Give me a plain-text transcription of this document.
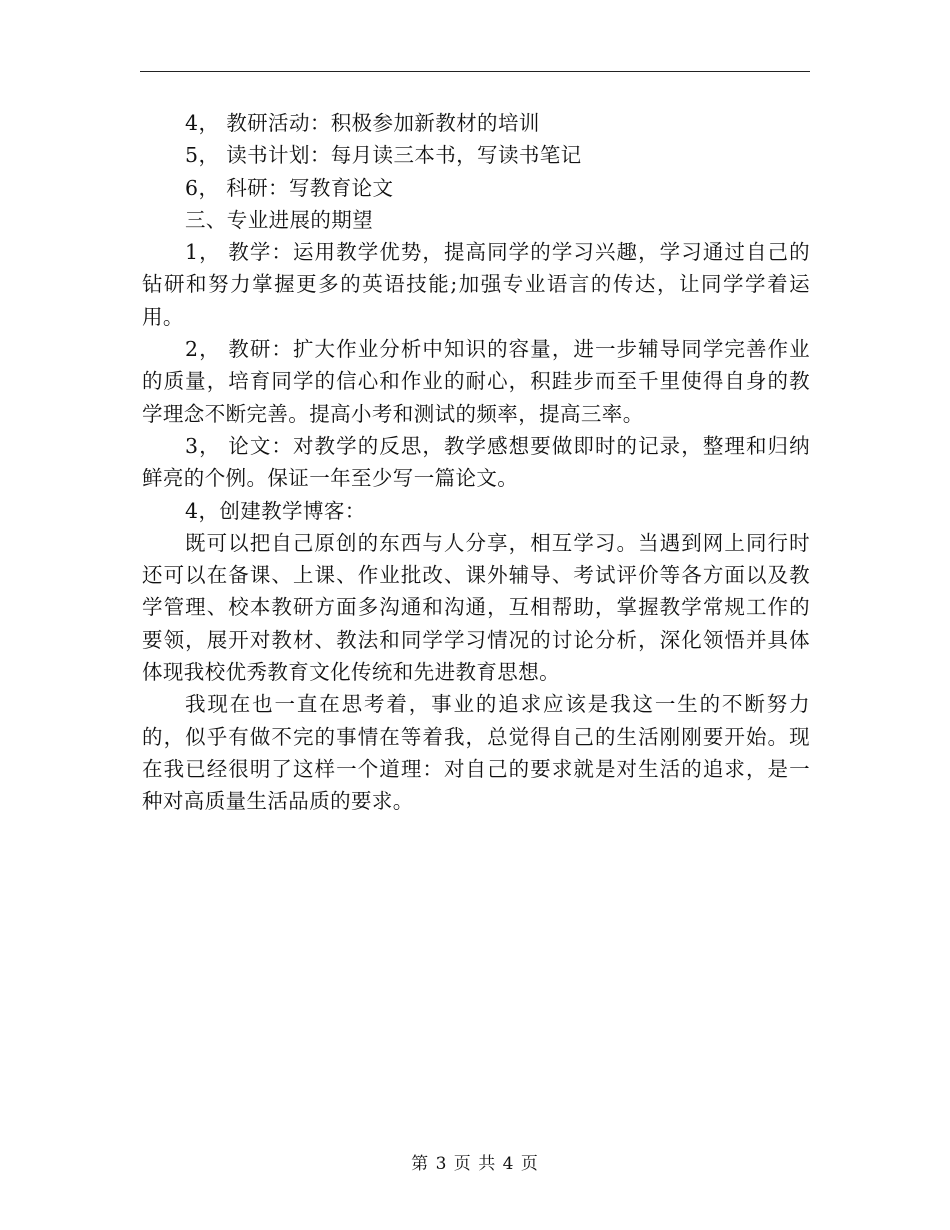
4， 教研活动：积极参加新教材的培训

5， 读书计划：每月读三本书，写读书笔记

6， 科研：写教育论文

三、专业进展的期望

1， 教学：运用教学优势，提高同学的学习兴趣，学习通过自己的钻研和努力掌握更多的英语技能;加强专业语言的传达，让同学学着运用。

2， 教研：扩大作业分析中知识的容量，进一步辅导同学完善作业的质量，培育同学的信心和作业的耐心，积跬步而至千里使得自身的教学理念不断完善。提高小考和测试的频率，提高三率。

3， 论文：对教学的反思，教学感想要做即时的记录，整理和归纳鲜亮的个例。保证一年至少写一篇论文。

4，创建教学博客：

既可以把自己原创的东西与人分享，相互学习。当遇到网上同行时还可以在备课、上课、作业批改、课外辅导、考试评价等各方面以及教学管理、校本教研方面多沟通和沟通，互相帮助，掌握教学常规工作的要领，展开对教材、教法和同学学习情况的讨论分析，深化领悟并具体体现我校优秀教育文化传统和先进教育思想。

我现在也一直在思考着，事业的追求应该是我这一生的不断努力的，似乎有做不完的事情在等着我，总觉得自己的生活刚刚要开始。现在我已经很明了这样一个道理：对自己的要求就是对生活的追求，是一种对高质量生活品质的要求。

第 3 页 共 4 页
